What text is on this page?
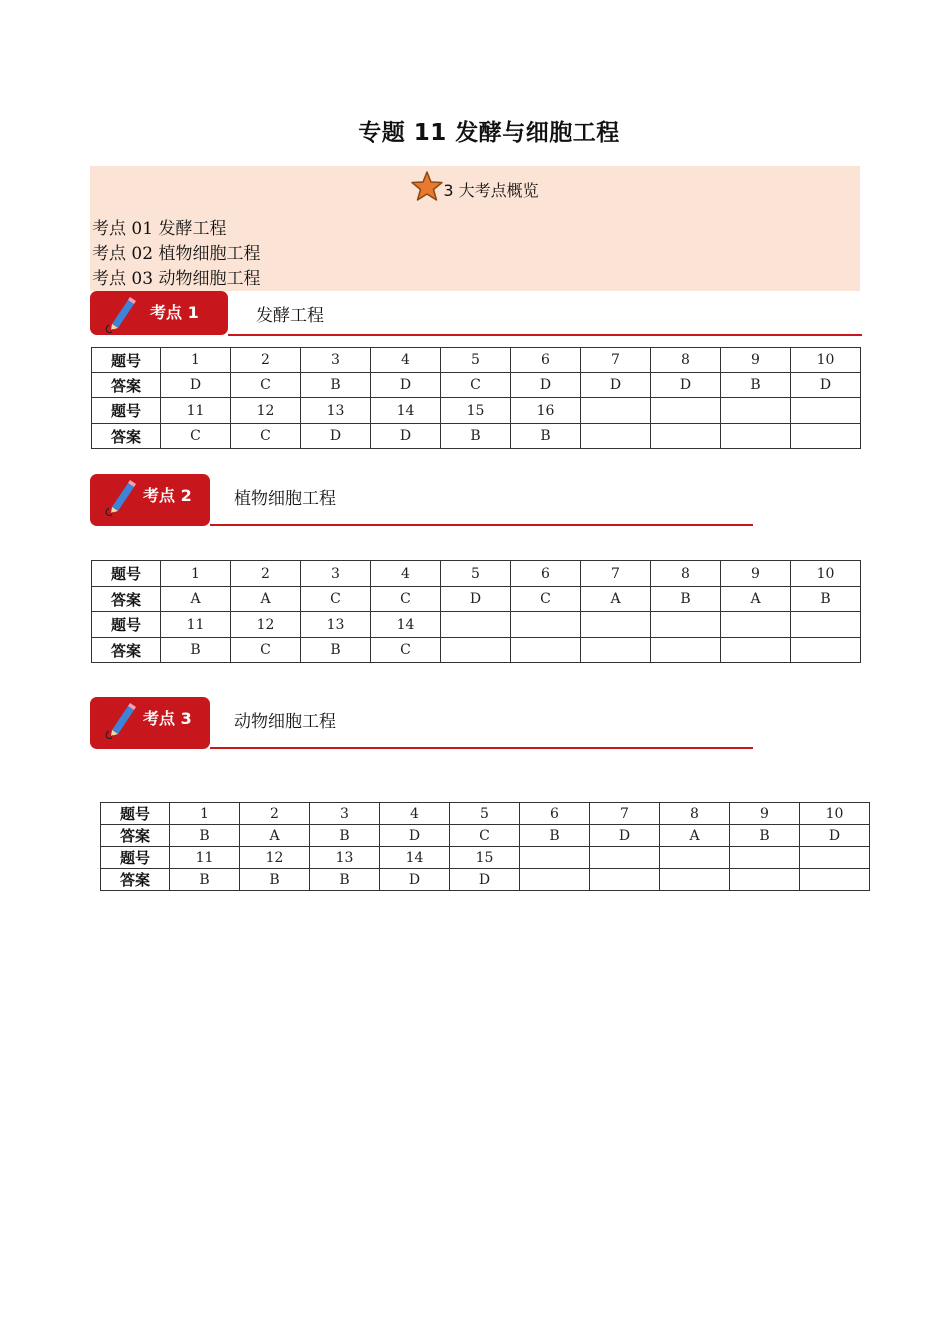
专题 11 发酵与细胞工程
3 大考点概览
考点 01 发酵工程
考点 02 植物细胞工程
考点 03 动物细胞工程
考点 1	发酵工程
题号	1	2	3	4	5	6	7	8	9	10
答案	D	C	B	D	C	D	D	D	B	D
题号	11	12	13	14	15	16				
答案	C	C	D	D	B	B				
考点 2 植物细胞工程
题号	1	2	3	4	5	6	7	8	9	10
答案	A	A	C	C	D	C	A	B	A	B
题号	11	12	13	14						
答案	B	C	B	C						
考点 3 动物细胞工程
题号	1	2	3	4	5	6	7	8	9	10
答案	B	A	B	D	C	B	D	A	B	D
题号	11	12	13	14	15					
答案	B	B	B	D	D					
